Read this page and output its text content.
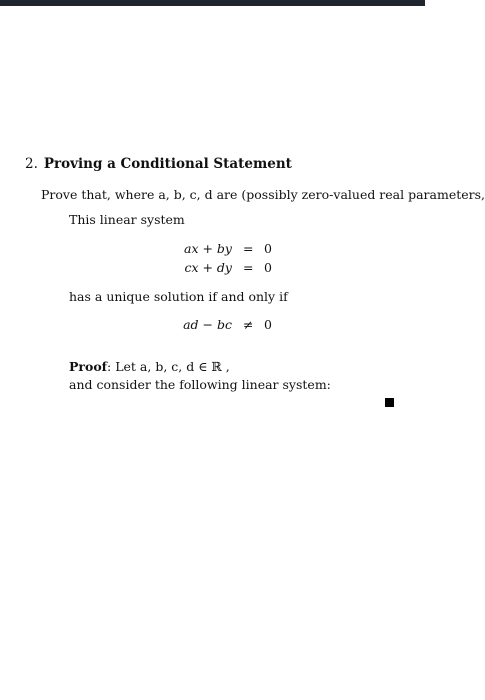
2. Proving a Conditional Statement
Prove that, where a, b, c, d are (possibly zero-valued real parameters,
This linear system
ax + by = 0
cx + dy = 0
has a unique solution if and only if
ad − bc ≠ 0
Proof: Let a, b, c, d ∈ ℝ ,
and consider the following linear system:
